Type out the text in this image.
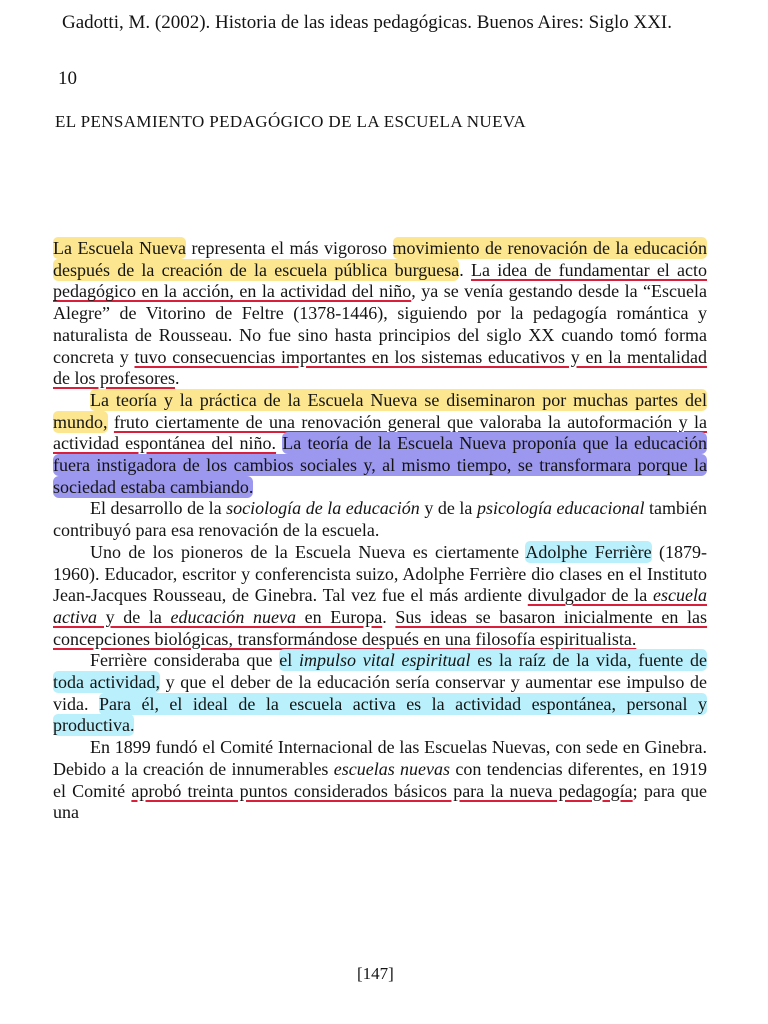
Gadotti, M. (2002). Historia de las ideas pedagógicas. Buenos Aires: Siglo XXI.
10
EL PENSAMIENTO PEDAGÓGICO DE LA ESCUELA NUEVA

La Escuela Nueva representa el más vigoroso movimiento de renovación de la educación después de la creación de la escuela pública burguesa. La idea de fundamentar el acto pedagógico en la acción, en la actividad del niño, ya se venía gestando desde la “Escuela Alegre” de Vitorino de Feltre (1378-1446), siguiendo por la pedagogía romántica y naturalista de Rousseau. No fue sino hasta principios del siglo XX cuando tomó forma concreta y tuvo consecuencias importantes en los sistemas educativos y en la mentalidad de los profesores.

La teoría y la práctica de la Escuela Nueva se diseminaron por muchas partes del mundo, fruto ciertamente de una renovación general que valoraba la autoformación y la actividad espontánea del niño. La teoría de la Escuela Nueva proponía que la educación fuera instigadora de los cambios sociales y, al mismo tiempo, se transformara porque la sociedad estaba cambiando.

El desarrollo de la sociología de la educación y de la psicología educacional también contribuyó para esa renovación de la escuela.

Uno de los pioneros de la Escuela Nueva es ciertamente Adolphe Ferrière (1879-1960). Educador, escritor y conferencista suizo, Adolphe Ferrière dio clases en el Instituto Jean-Jacques Rousseau, de Ginebra. Tal vez fue el más ardiente divulgador de la escuela activa y de la educación nueva en Europa. Sus ideas se basaron inicialmente en las concepciones biológicas, transformándose después en una filosofía espiritualista.

Ferrière consideraba que el impulso vital espiritual es la raíz de la vida, fuente de toda actividad, y que el deber de la educación sería conservar y aumentar ese impulso de vida. Para él, el ideal de la escuela activa es la actividad espontánea, personal y productiva.

En 1899 fundó el Comité Internacional de las Escuelas Nuevas, con sede en Ginebra. Debido a la creación de innumerables escuelas nuevas con tendencias diferentes, en 1919 el Comité aprobó treinta puntos considerados básicos para la nueva pedagogía; para que una

[147]
